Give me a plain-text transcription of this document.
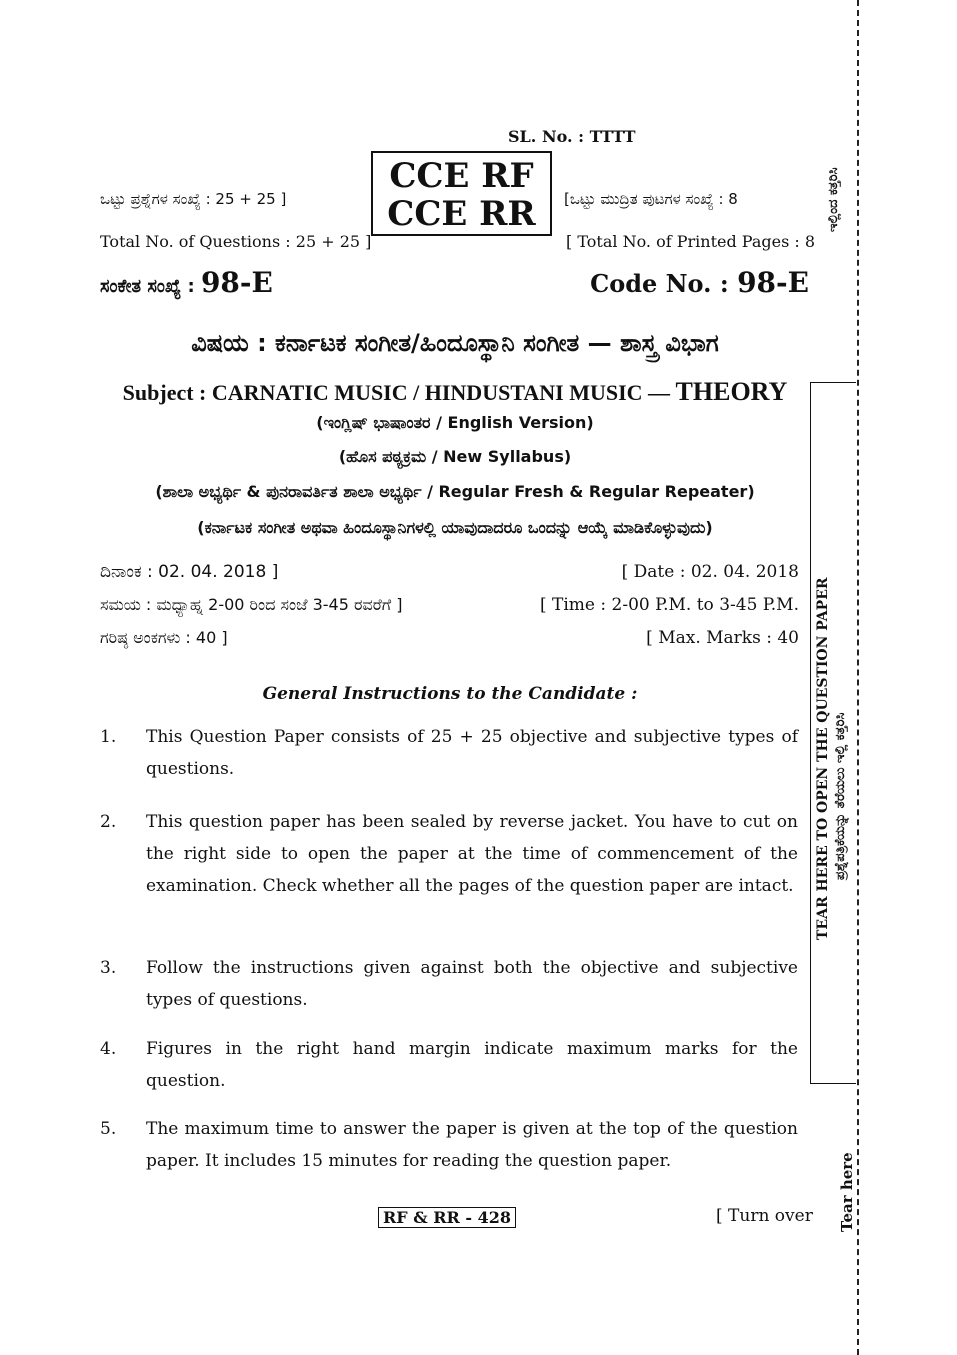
SL. No. : TTTT
CCE RF
CCE RR
ಒಟ್ಟು ಪ್ರಶ್ನೆಗಳ ಸಂಖ್ಯೆ : 25 + 25 ]
Total No. of Questions : 25 + 25 ]
[ಒಟ್ಟು ಮುದ್ರಿತ ಪುಟಗಳ ಸಂಖ್ಯೆ : 8
[ Total No. of Printed Pages : 8
ಸಂಕೇತ ಸಂಖ್ಯೆ : 98-E	Code No. : 98-E
ವಿಷಯ : ಕರ್ನಾಟಕ ಸಂಗೀತ/ಹಿಂದೂಸ್ಥಾನಿ ಸಂಗೀತ — ಶಾಸ್ತ್ರ ವಿಭಾಗ
Subject : CARNATIC MUSIC / HINDUSTANI MUSIC — THEORY
(ಇಂಗ್ಲಿಷ್ ಭಾಷಾಂತರ / English Version)
(ಹೊಸ ಪಠ್ಯಕ್ರಮ / New Syllabus)
(ಶಾಲಾ ಅಭ್ಯರ್ಥಿ & ಪುನರಾವರ್ತಿತ ಶಾಲಾ ಅಭ್ಯರ್ಥಿ / Regular Fresh & Regular Repeater)
(ಕರ್ನಾಟಕ ಸಂಗೀತ ಅಥವಾ ಹಿಂದೂಸ್ಥಾನಿಗಳಲ್ಲಿ ಯಾವುದಾದರೂ ಒಂದನ್ನು ಆಯ್ಕೆ ಮಾಡಿಕೊಳ್ಳುವುದು)
ದಿನಾಂಕ : 02. 04. 2018 ]	[ Date : 02. 04. 2018
ಸಮಯ : ಮಧ್ಯಾಹ್ನ 2-00 ರಿಂದ ಸಂಜೆ 3-45 ರವರೆಗೆ ]	[ Time : 2-00 P.M. to 3-45 P.M.
ಗರಿಷ್ಠ ಅಂಕಗಳು : 40 ]	[ Max. Marks : 40
General Instructions to the Candidate :
1. This Question Paper consists of 25 + 25 objective and subjective types of questions.
2. This question paper has been sealed by reverse jacket. You have to cut on the right side to open the paper at the time of commencement of the examination. Check whether all the pages of the question paper are intact.
3. Follow the instructions given against both the objective and subjective types of questions.
4. Figures in the right hand margin indicate maximum marks for the question.
5. The maximum time to answer the paper is given at the top of the question paper. It includes 15 minutes for reading the question paper.
RF & RR - 428	[ Turn over
TEAR HERE TO OPEN THE QUESTION PAPER ಪ್ರಶ್ನೆಪತ್ರಿಕೆಯನ್ನು ತೆರೆಯಲು ಇಲ್ಲಿ ಕತ್ತರಿಸಿ
ಇಲ್ಲಿಂದ ಕತ್ತರಿಸಿ
Tear here
